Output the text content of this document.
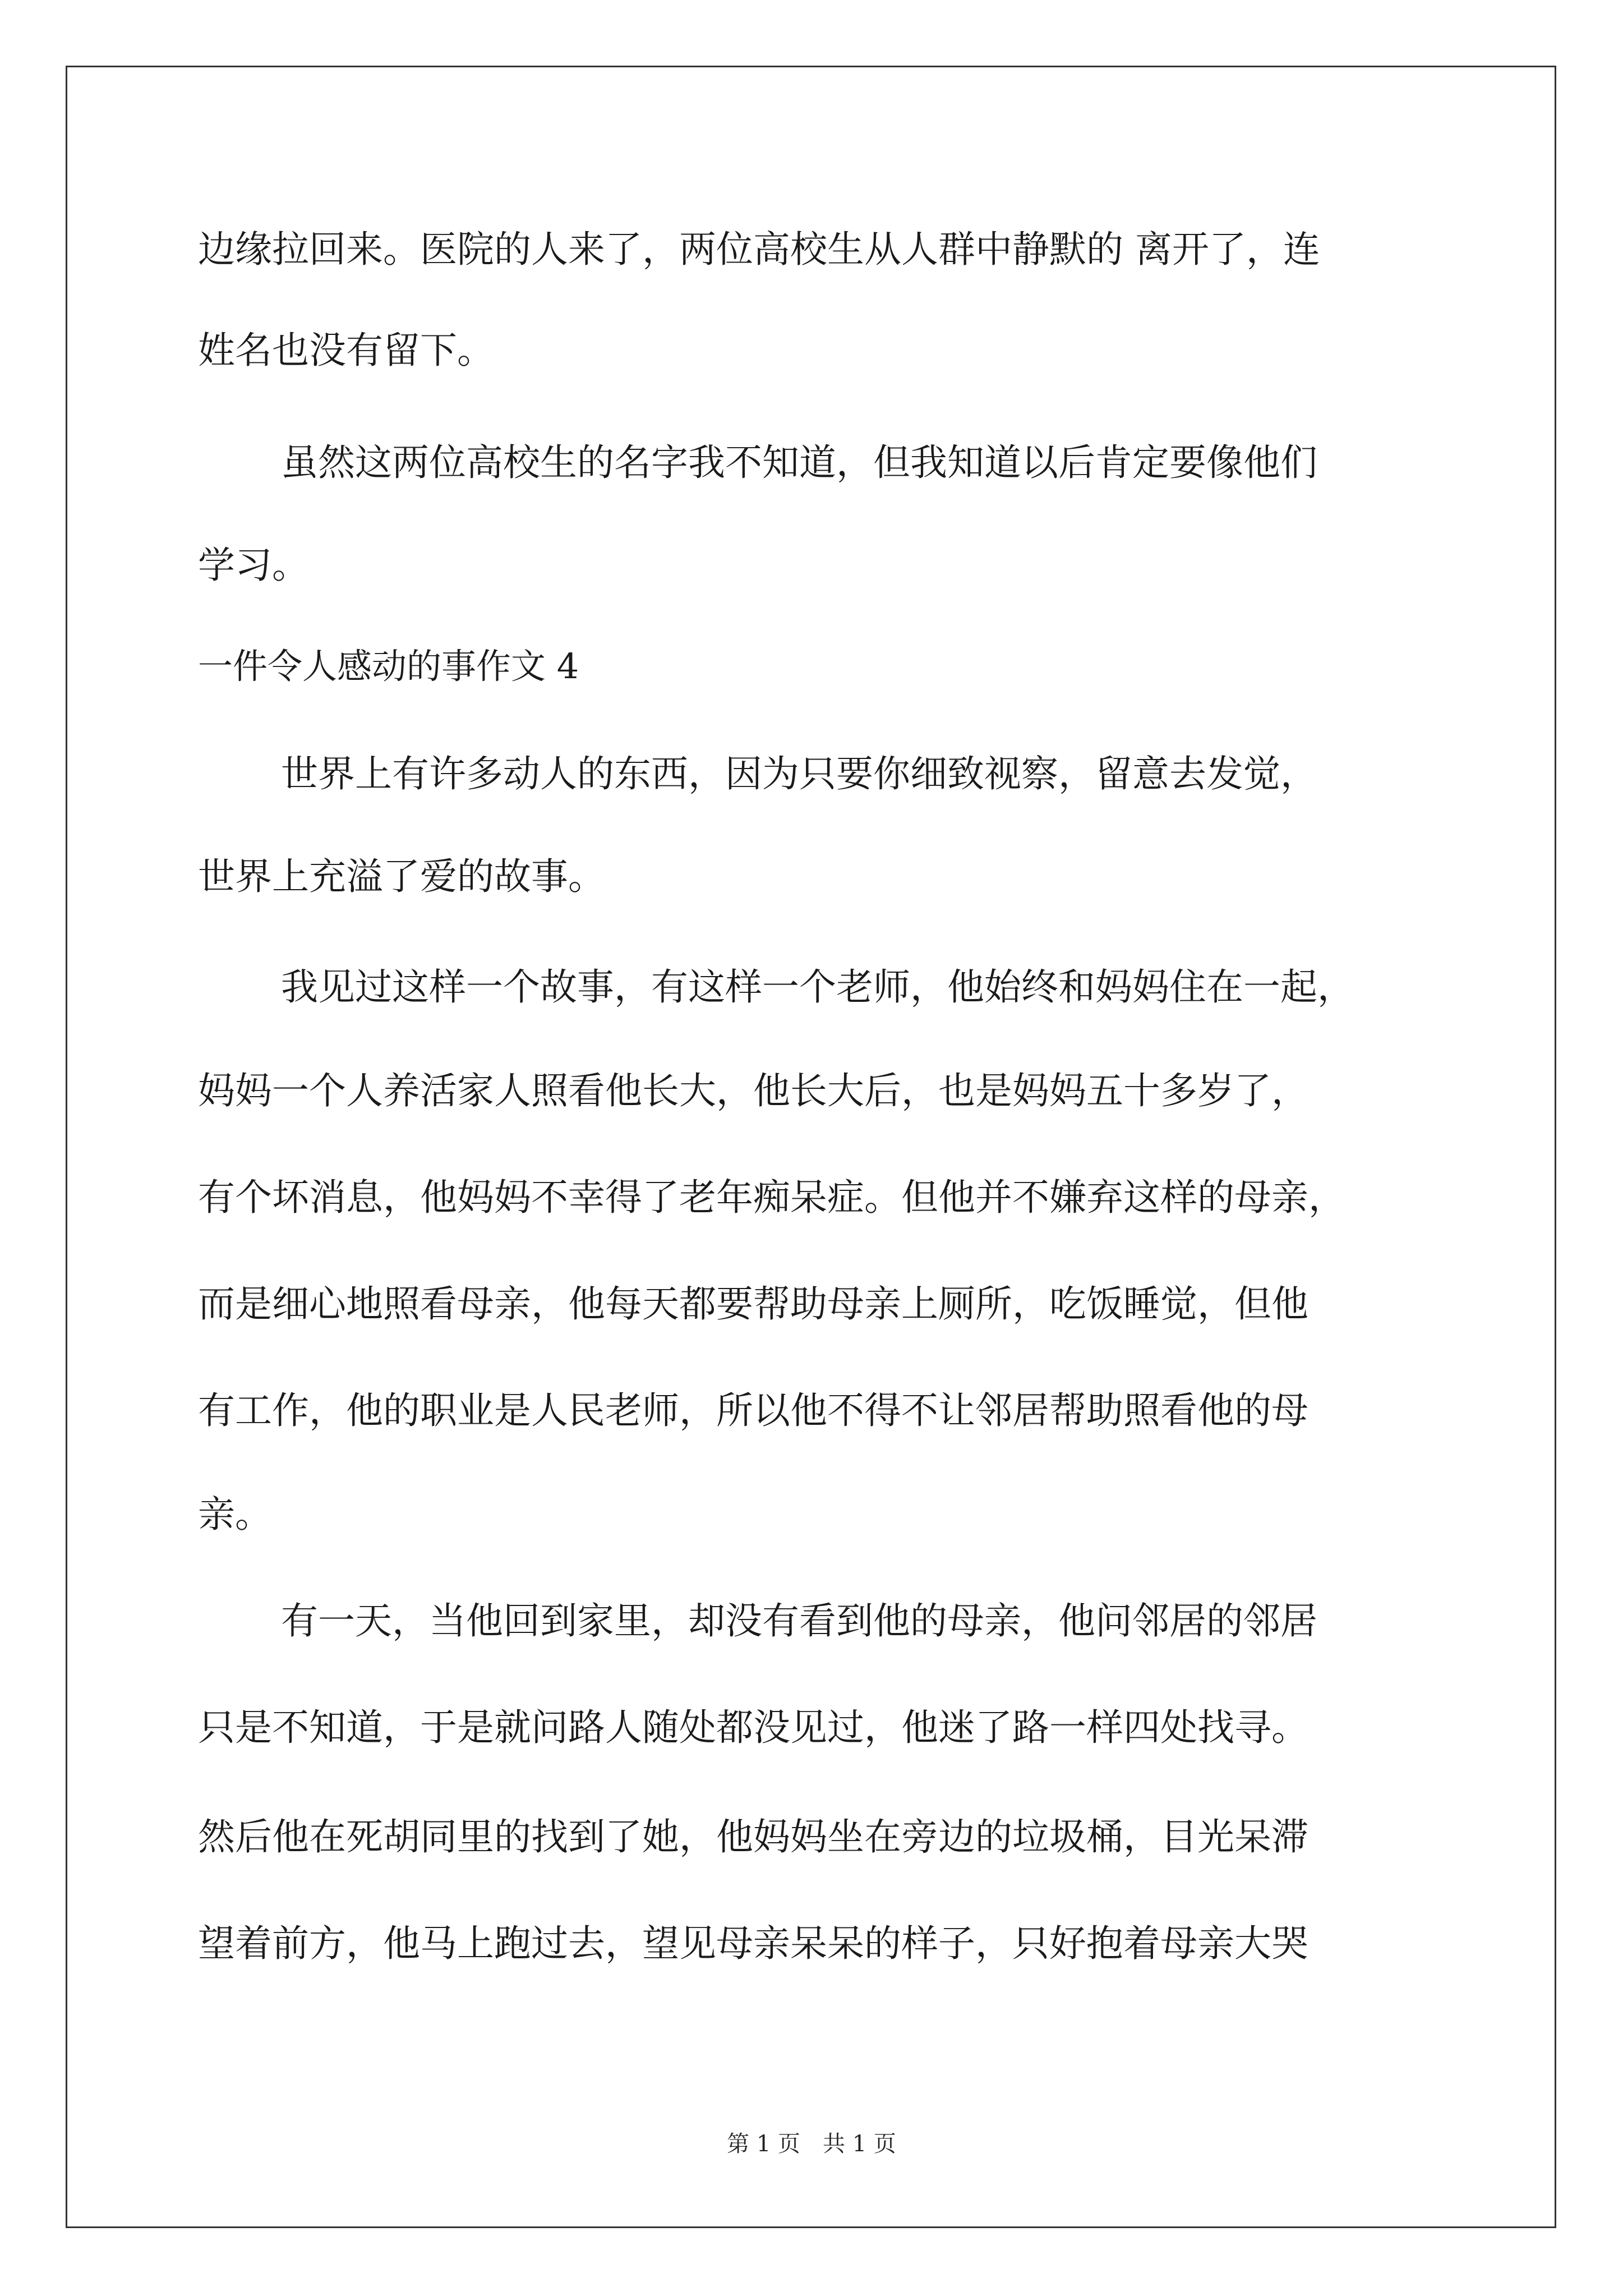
边缘拉回来。医院的人来了，两位高校生从人群中静默的 离开了，连
姓名也没有留下。
虽然这两位高校生的名字我不知道，但我知道以后肯定要像他们
学习。
一件令人感动的事作文 4
世界上有许多动人的东西，因为只要你细致视察，留意去发觉，
世界上充溢了爱的故事。
我见过这样一个故事，有这样一个老师，他始终和妈妈住在一起，
妈妈一个人养活家人照看他长大，他长大后，也是妈妈五十多岁了，
有个坏消息，他妈妈不幸得了老年痴呆症。但他并不嫌弃这样的母亲，
而是细心地照看母亲，他每天都要帮助母亲上厕所，吃饭睡觉，但他
有工作，他的职业是人民老师，所以他不得不让邻居帮助照看他的母
亲。
有一天，当他回到家里，却没有看到他的母亲，他问邻居的邻居
只是不知道，于是就问路人随处都没见过，他迷了路一样四处找寻。
然后他在死胡同里的找到了她，他妈妈坐在旁边的垃圾桶，目光呆滞
望着前方，他马上跑过去，望见母亲呆呆的样子，只好抱着母亲大哭
第 1 页　共 1 页
